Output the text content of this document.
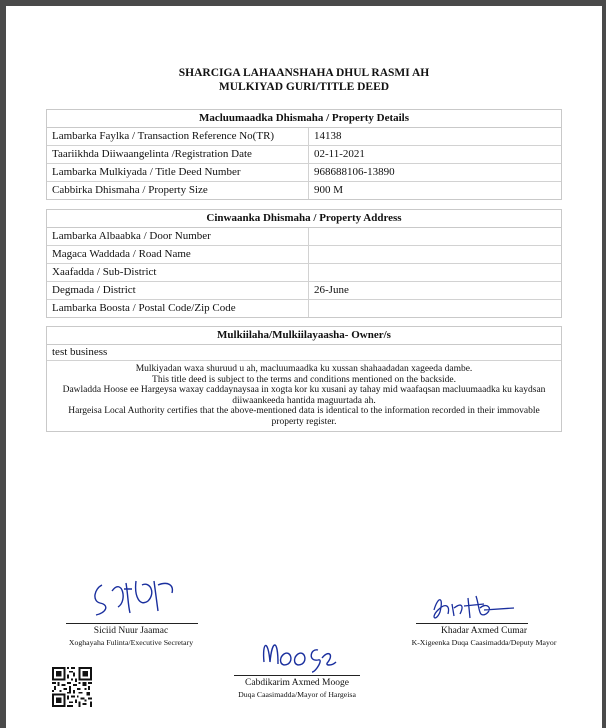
SHARCIGA LAHAANSHAHA DHUL RASMI AH
MULKIYAD GURI/TITLE DEED
Macluumaadka Dhismaha / Property Details
Lambarka Faylka / Transaction Reference No(TR)	14138
Taariikhda Diiwaangelinta /Registration Date	02-11-2021
Lambarka Mulkiyada / Title Deed Number	968688106-13890
Cabbirka Dhismaha / Property Size	900 M
Cinwaanka Dhismaha / Property Address
Lambarka Albaabka / Door Number
Magaca Waddada / Road Name
Xaafadda / Sub-District
Degmada / District	26-June
Lambarka Boosta / Postal Code/Zip Code
Mulkiilaha/Mulkiilayaasha- Owner/s
test business
Mulkiyadan waxa shuruud u ah, macluumaadka ku xussan shahaadadan xageeda dambe.
This title deed is subject to the terms and conditions mentioned on the backside.
Dawladda Hoose ee Hargeysa waxay caddaynaysaa in xogta kor ku xusani ay tahay mid waafaqsan macluumaadka ku kaydsan
diiwaankeeda hantida maguurtada ah.
Hargeisa Local Authority certifies that the above-mentioned data is identical to the information recorded in their immovable property register.
Siciid Nuur Jaamac
Xoghayaha Fulinta/Executive Secretary
Khadar Axmed Cumar
K-Xigeenka Duqa Caasimadda/Deputy Mayor
Cabdikarim Axmed Mooge
Duqa Caasimadda/Mayor of Hargeisa
